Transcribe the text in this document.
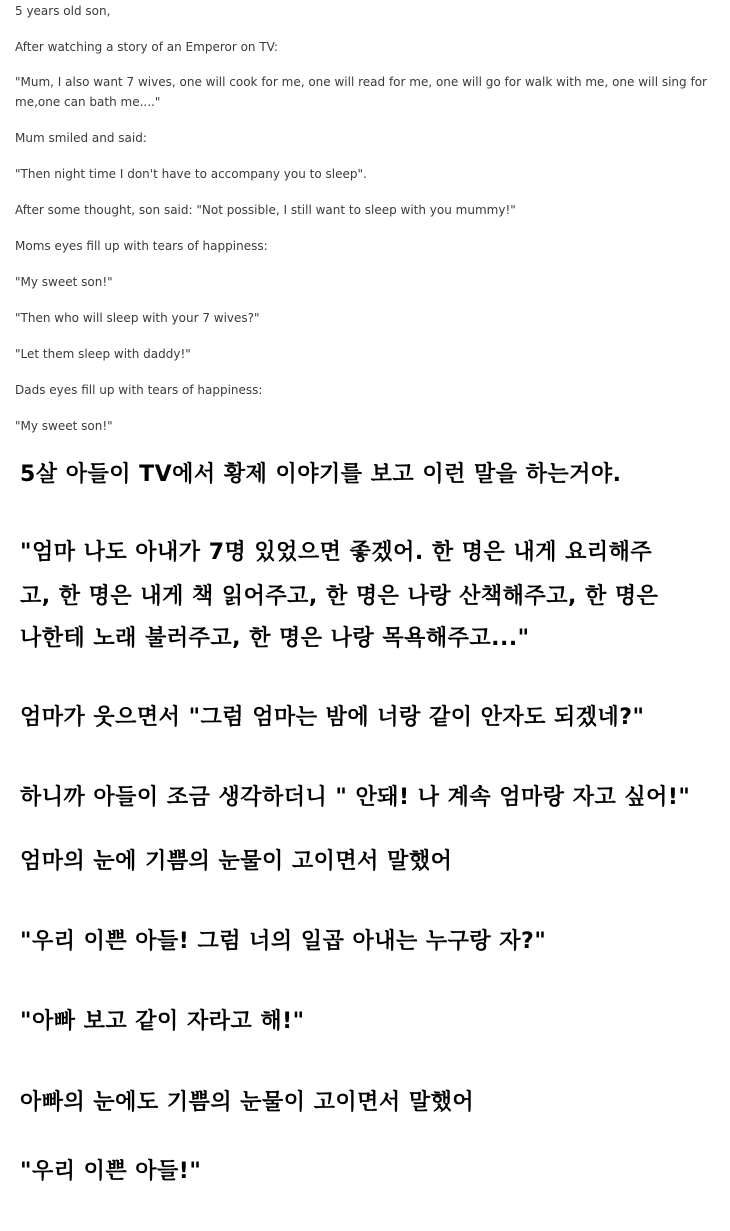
5 years old son,

After watching a story of an Emperor on TV:

"Mum, I also want 7 wives, one will cook for me, one will read for me, one will go for walk with me, one will sing for

me,one can bath me...."

Mum smiled and said:

"Then night time I don't have to accompany you to sleep".

After some thought, son said: "Not possible, I still want to sleep with you mummy!"

Moms eyes fill up with tears of happiness:

"My sweet son!"

"Then who will sleep with your 7 wives?"

"Let them sleep with daddy!"

Dads eyes fill up with tears of happiness:

"My sweet son!"

5살 아들이 TV에서 황제 이야기를 보고 이런 말을 하는거야.

"엄마 나도 아내가 7명 있었으면 좋겠어. 한 명은 내게 요리해주

고, 한 명은 내게 책 읽어주고, 한 명은 나랑 산책해주고, 한 명은

나한테 노래 불러주고, 한 명은 나랑 목욕해주고..."

엄마가 웃으면서 "그럼 엄마는 밤에 너랑 같이 안자도 되겠네?"

하니까 아들이 조금 생각하더니 " 안돼! 나 계속 엄마랑 자고 싶어!"

엄마의 눈에 기쁨의 눈물이 고이면서 말했어

"우리 이쁜 아들! 그럼 너의 일곱 아내는 누구랑 자?"

"아빠 보고 같이 자라고 해!"

아빠의 눈에도 기쁨의 눈물이 고이면서 말했어

"우리 이쁜 아들!"
